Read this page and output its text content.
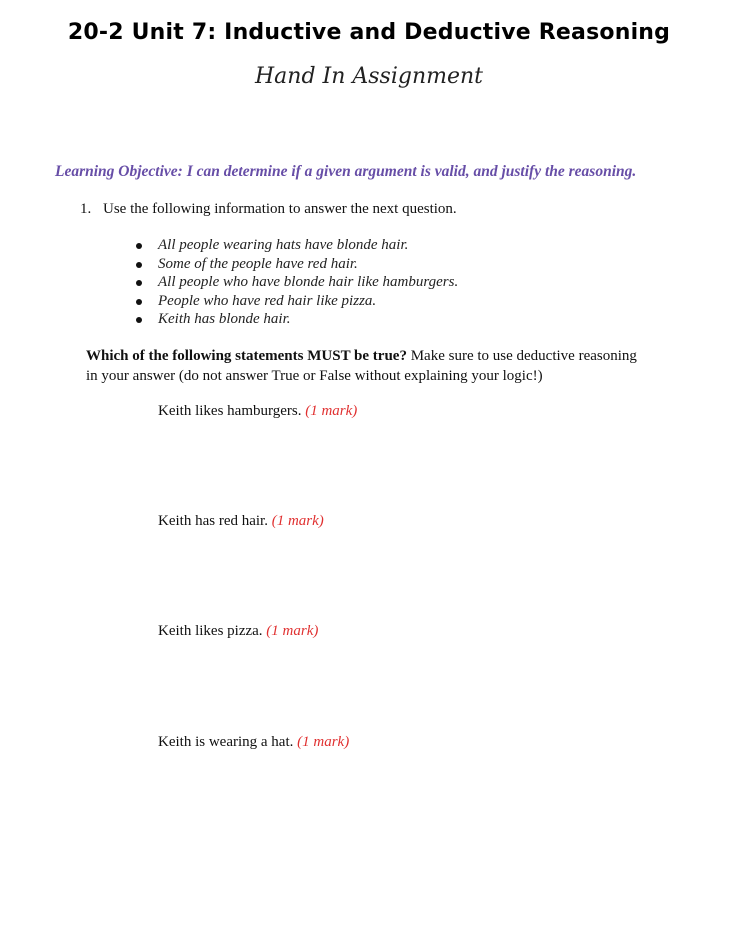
20-2 Unit 7: Inductive and Deductive Reasoning
Hand In Assignment
Learning Objective: I can determine if a given argument is valid, and justify the reasoning.
1. Use the following information to answer the next question.
All people wearing hats have blonde hair.
Some of the people have red hair.
All people who have blonde hair like hamburgers.
People who have red hair like pizza.
Keith has blonde hair.
Which of the following statements MUST be true? Make sure to use deductive reasoning in your answer (do not answer True or False without explaining your logic!)
Keith likes hamburgers. (1 mark)
Keith has red hair. (1 mark)
Keith likes pizza. (1 mark)
Keith is wearing a hat. (1 mark)
